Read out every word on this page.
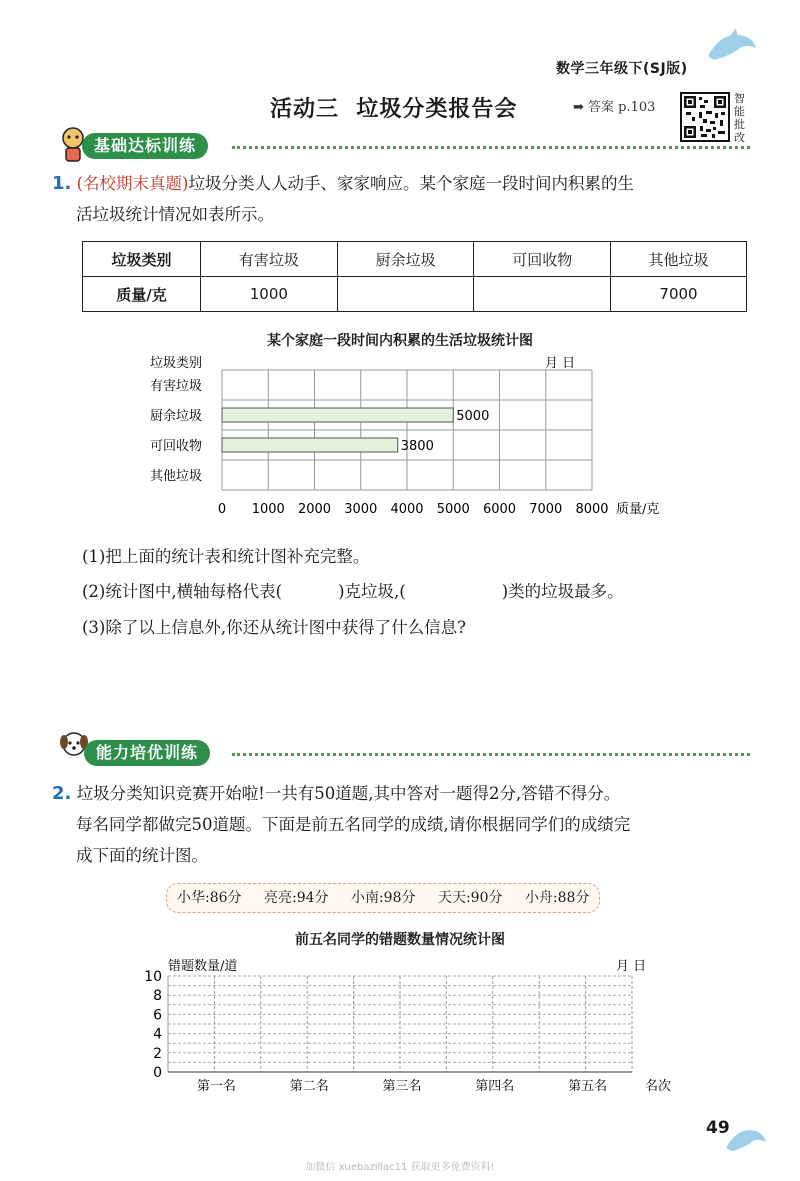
数学三年级下(SJ版)
活动三  垃圾分类报告会	➡ 答案 p.103
智
能
批
改
基础达标训练
1. (名校期末真题)垃圾分类人人动手、家家响应。某个家庭一段时间内积累的生
活垃圾统计情况如表所示。
垃圾类别	有害垃圾	厨余垃圾	可回收物	其他垃圾
质量/克	1000			7000
某个家庭一段时间内积累的生活垃圾统计图
垃圾类别	月 日
有害垃圾
厨余垃圾	5000
可回收物	3800
其他垃圾
0 1000 2000 3000 4000 5000 6000 7000 8000 质量/克
(1)把上面的统计表和统计图补充完整。
(2)统计图中,横轴每格代表(	)克垃圾,(	)类的垃圾最多。
(3)除了以上信息外,你还从统计图中获得了什么信息?
能力培优训练
2. 垃圾分类知识竞赛开始啦!一共有50道题,其中答对一题得2分,答错不得分。
每名同学都做完50道题。下面是前五名同学的成绩,请你根据同学们的成绩完
成下面的统计图。
小华:86分 亮亮:94分 小南:98分 天天:90分 小舟:88分
前五名同学的错题数量情况统计图
0
2
4
6
8
10
错题数量/道	月 日
第一名	第二名	第三名	第四名	第五名	名次
49
加微信 xuebazillac11 获取更多免费资料!
